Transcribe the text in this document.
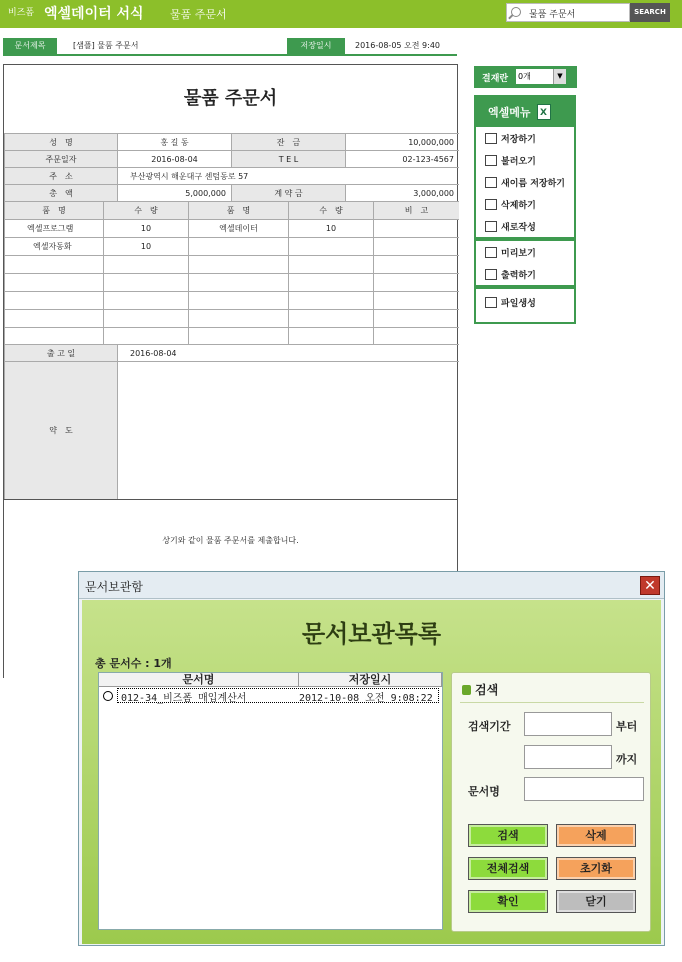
비즈폼 엑셀데이터 서식 물품 주문서	물품 주문서	SEARCH
문서제목	[샘플] 물품 주문서	저장일시	2016-08-05 오전 9:40
물품 주문서
성　명	홍 길 동	잔　금	10,000,000
주문일자	2016-08-04	T E L	02-123-4567
주　소	부산광역시 해운대구 센텀동로 57
총　액	5,000,000	계 약 금	3,000,000
품　명	수　량	품　명	수　량	비　고
엑셀프로그램	10	엑셀데이터	10
엑셀자동화	10
출 고 일	2016-08-04
약　도
상기와 같이 물품 주문서를 제출합니다.
결재란 0개	▼
엑셀메뉴	X
저장하기
불러오기
새이름 저장하기
삭제하기
새로작성
미리보기
출력하기
파일생성
문서보관함	✕
문서보관목록
총 문서수 : 1개
문서명	저장일시
012-34_비즈폼 매입계산서	2012-10-08 오전 9:08:22
검색
검색기간	부터
까지
문서명
검색	삭제
전체검색	초기화
확인	닫기
